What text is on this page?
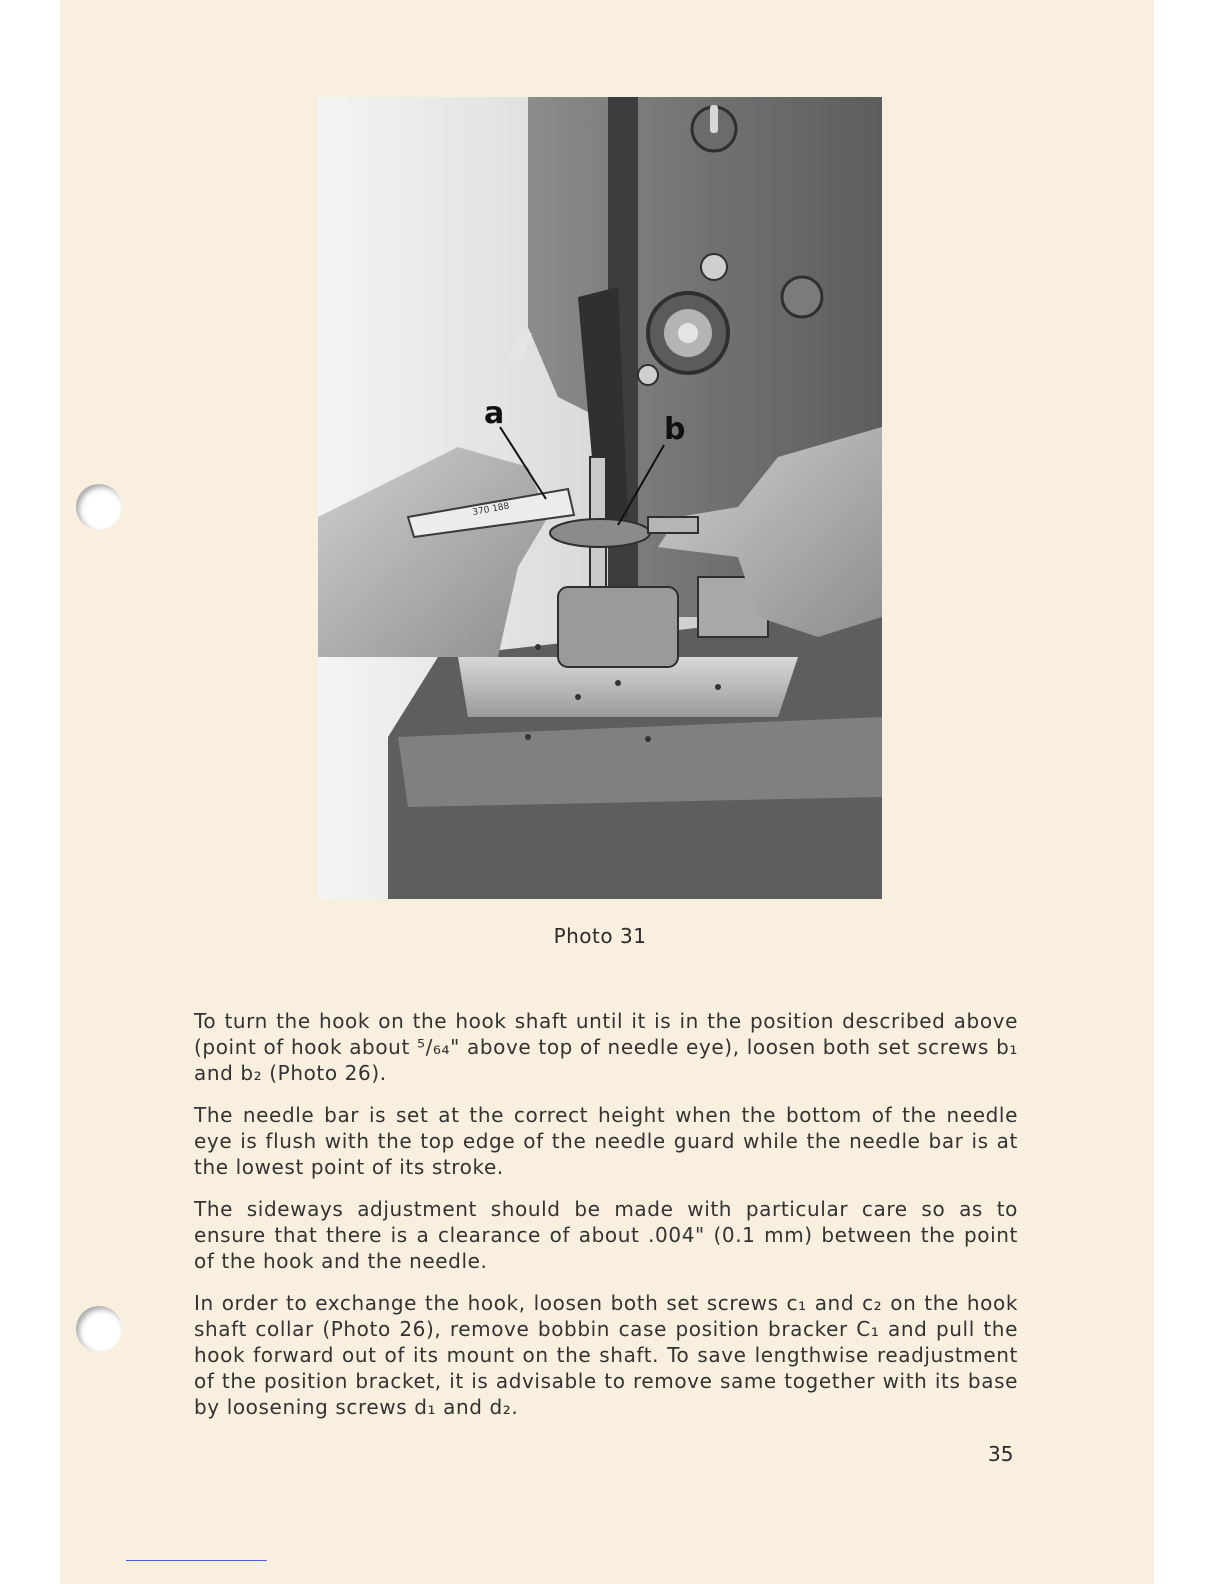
370 188
a	b
Photo 31

To turn the hook on the hook shaft until it is in the position described above (point of hook about ⁵/₆₄" above top of needle eye), loosen both set screws b₁ and b₂ (Photo 26).

The needle bar is set at the correct height when the bottom of the needle eye is flush with the top edge of the needle guard while the needle bar is at the lowest point of its stroke.

The sideways adjustment should be made with particular care so as to ensure that there is a clearance of about .004" (0.1 mm) between the point of the hook and the needle.

In order to exchange the hook, loosen both set screws c₁ and c₂ on the hook shaft collar (Photo 26), remove bobbin case position bracker C₁ and pull the hook forward out of its mount on the shaft. To save lengthwise readjustment of the position bracket, it is advisable to remove same together with its base by loosening screws d₁ and d₂.

35
